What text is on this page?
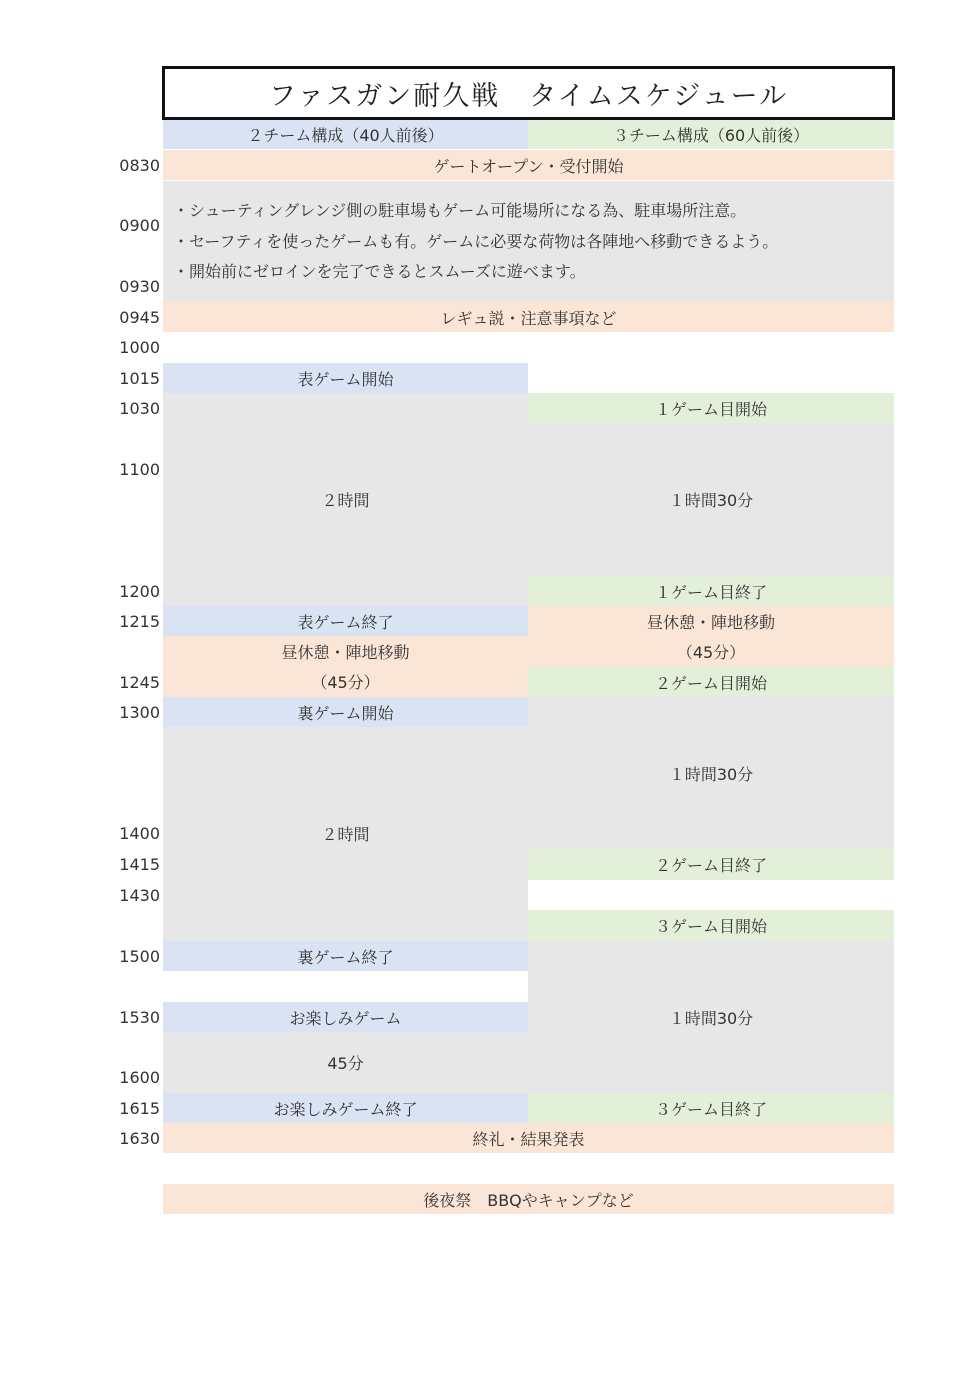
ファスガン耐久戦　タイムスケジュール
２チーム構成（40人前後）	３チーム構成（60人前後）
0830
0900
0930
0945
1000
1015
1030
1100
1200
1215
1245
1300
1400
1415
1430
1500
1530
1600
1615
1630
ゲートオープン・受付開始
・シューティングレンジ側の駐車場もゲーム可能場所になる為、駐車場所注意。
・セーフティを使ったゲームも有。ゲームに必要な荷物は各陣地へ移動できるよう。
・開始前にゼロインを完了できるとスムーズに遊べます。
レギュ説・注意事項など
表ゲーム開始
２時間
表ゲーム終了
昼休憩・陣地移動
（45分）
裏ゲーム開始
２時間
裏ゲーム終了
お楽しみゲーム
45分
お楽しみゲーム終了
１ゲーム目開始
１時間30分
１ゲーム目終了
昼休憩・陣地移動
（45分）
２ゲーム目開始
１時間30分
２ゲーム目終了
３ゲーム目開始
１時間30分
３ゲーム目終了
終礼・結果発表
後夜祭　BBQやキャンプなど
